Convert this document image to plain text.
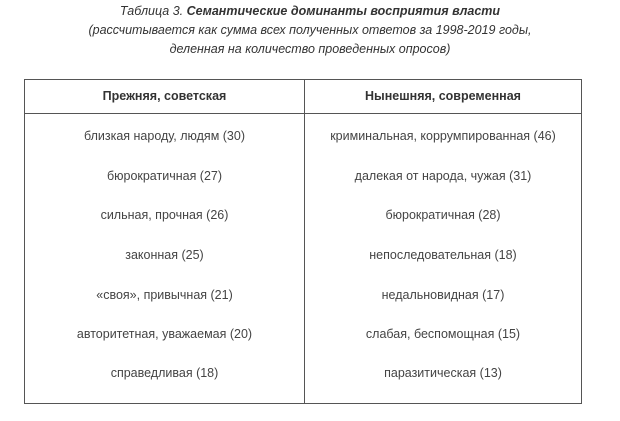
Таблица 3. Семантические доминанты восприятия власти
(рассчитывается как сумма всех полученных ответов за 1998-2019 годы,
деленная на количество проведенных опросов)
Прежняя, советская
близкая народу, людям (30)
бюрократичная (27)
сильная, прочная (26)
законная (25)
«своя», привычная (21)
авторитетная, уважаемая (20)
справедливая (18)
Нынешняя, современная
криминальная, коррумпированная (46)
далекая от народа, чужая (31)
бюрократичная (28)
непоследовательная (18)
недальновидная (17)
слабая, беспомощная (15)
паразитическая (13)
